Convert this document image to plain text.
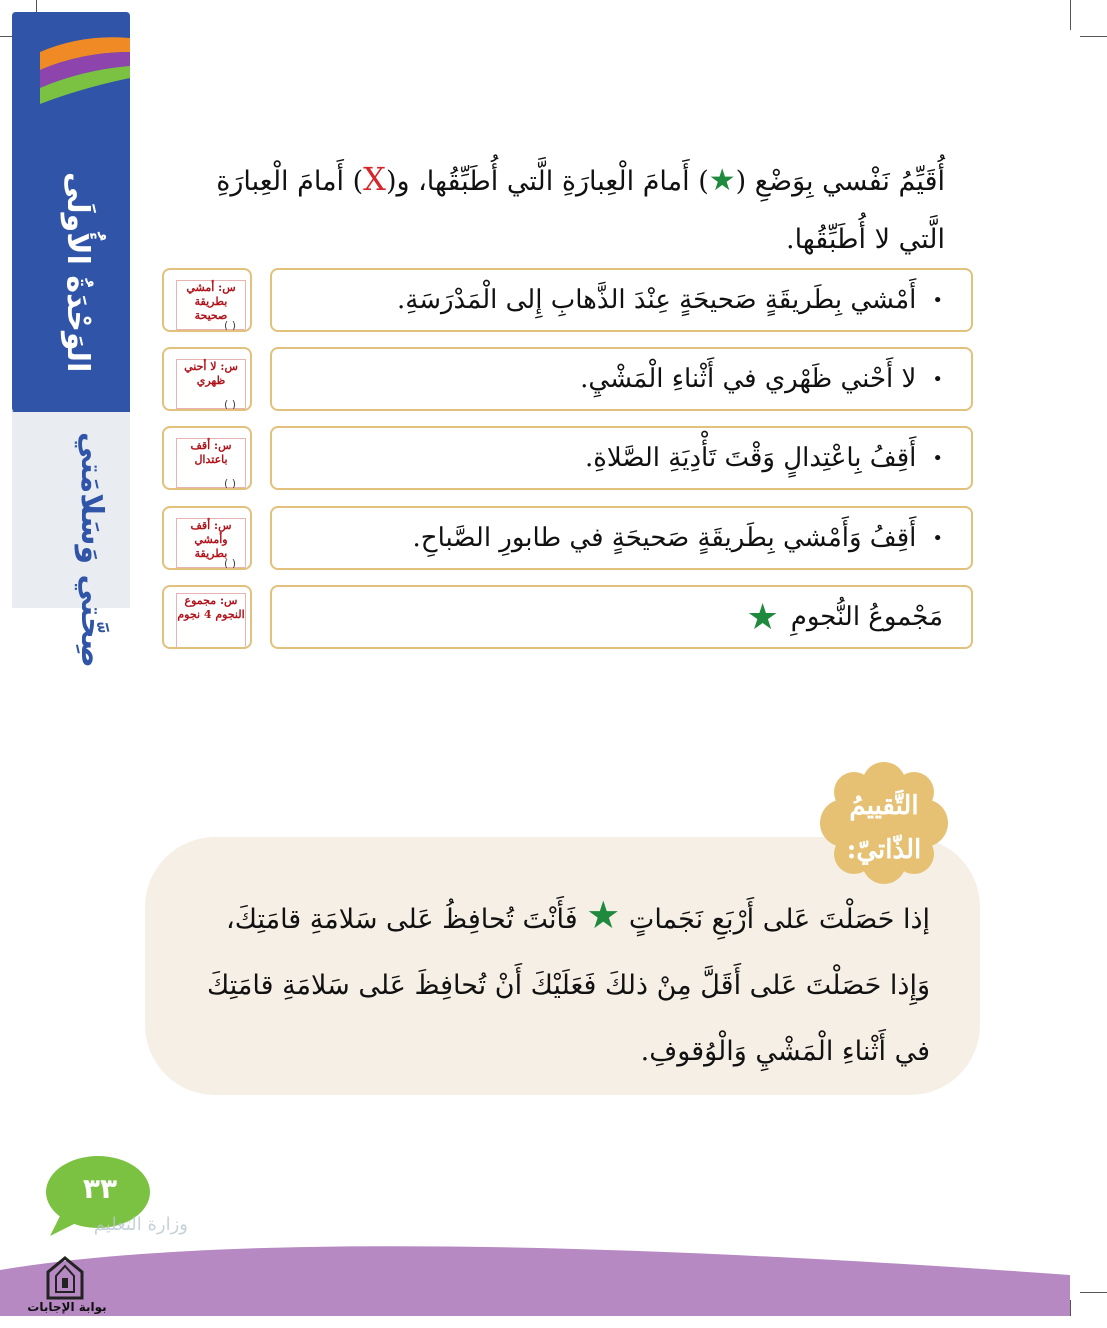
الوَحْدَةُ الأُولَى
صِحَّتي وَسَلامَتي
أُقَيِّمُ نَفْسي بِوَضْعِ (★) أَمامَ الْعِبارَةِ الَّتي أُطَبِّقُها، و(X) أَمامَ الْعِبارَةِ الَّتي لا أُطَبِّقُها.
•
أَمْشي بِطَريقَةٍ صَحيحَةٍ عِنْدَ الذَّهابِ إِلى الْمَدْرَسَةِ.
س: أمشي بطريقة صحيحة
( )
•
لا أَحْني ظَهْري في أَثْناءِ الْمَشْيِ.
س: لا أحني ظهري
( )
•
أَقِفُ بِاعْتِدالٍ وَقْتَ تَأْدِيَةِ الصَّلاةِ.
س: أقف باعتدال
( )
•
أَقِفُ وَأَمْشي بِطَريقَةٍ صَحيحَةٍ في طابورِ الصَّباحِ.
س: أقف وأمشي بطريقة
( )
مَجْموعُ النُّجومِ
★
س: مجموع النجوم 4 نجوم
التَّقييمُ
الذّاتيّ:
إذا حَصَلْتَ عَلى أَرْبَعِ نَجَماتٍ ★ فَأَنْتَ تُحافِظُ عَلى سَلامَةِ قامَتِكَ، وَإِذا حَصَلْتَ عَلى أَقَلَّ مِنْ ذلكَ فَعَلَيْكَ أَنْ تُحافِظَ عَلى سَلامَةِ قامَتِكَ في أَثْناءِ الْمَشْيِ وَالْوُقوفِ.
٣٣
وزارة التعليم
بوابة الإجابات
